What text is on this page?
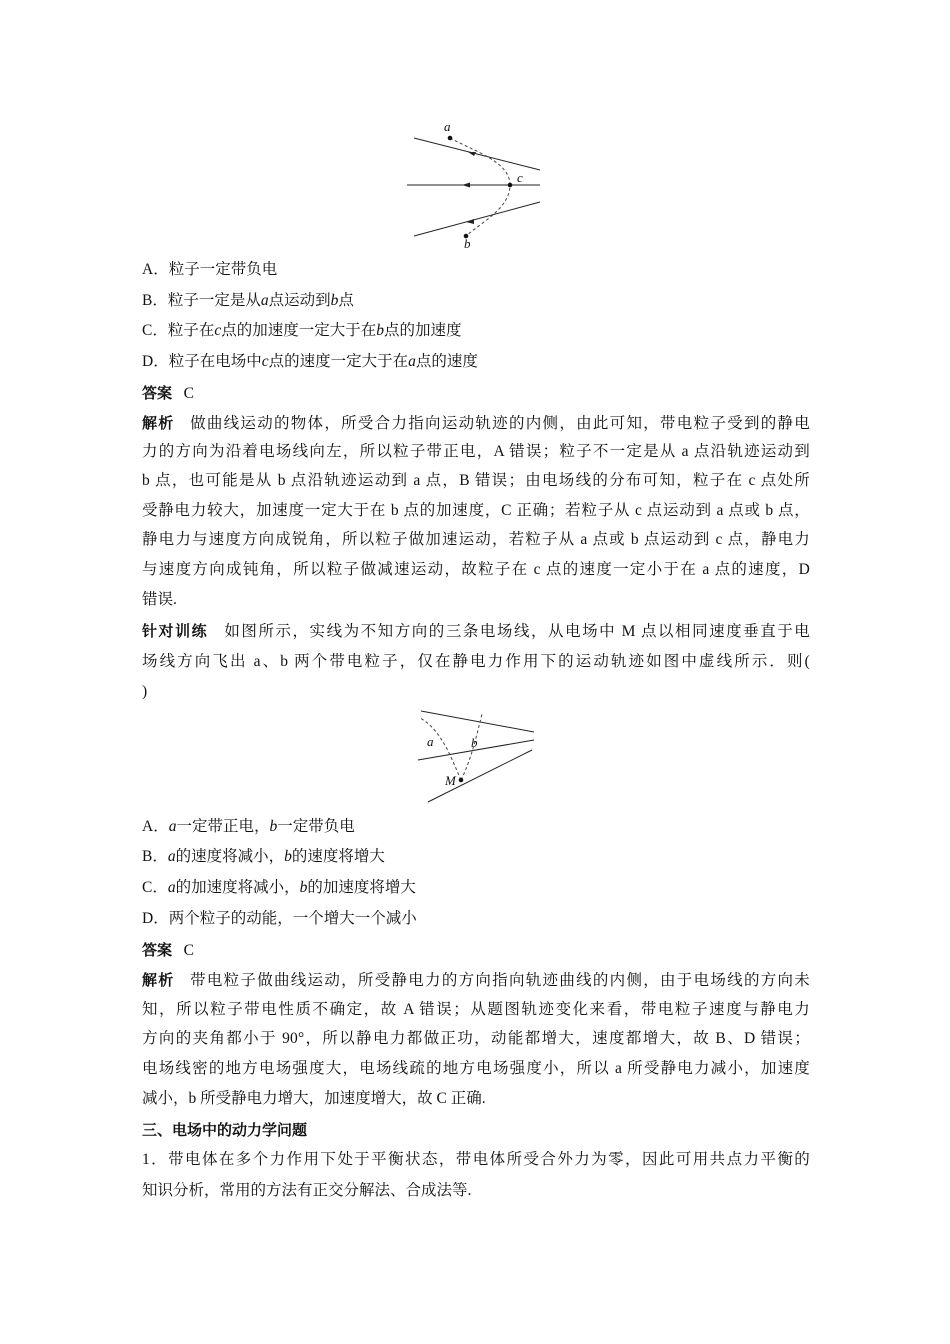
a
c
b
A．粒子一定带负电
B．粒子一定是从a点运动到b点
C．粒子在c点的加速度一定大于在b点的加速度
D．粒子在电场中c点的速度一定大于在a点的速度
答案 C
解析 做曲线运动的物体，所受合力指向运动轨迹的内侧，由此可知，带电粒子受到的静电
力的方向为沿着电场线向左，所以粒子带正电，A 错误；粒子不一定是从 a 点沿轨迹运动到
b 点，也可能是从 b 点沿轨迹运动到 a 点，B 错误；由电场线的分布可知，粒子在 c 点处所
受静电力较大，加速度一定大于在 b 点的加速度，C 正确；若粒子从 c 点运动到 a 点或 b 点，
静电力与速度方向成锐角，所以粒子做加速运动，若粒子从 a 点或 b 点运动到 c 点，静电力
与速度方向成钝角，所以粒子做减速运动，故粒子在 c 点的速度一定小于在 a 点的速度，D
错误.
针对训练 如图所示，实线为不知方向的三条电场线，从电场中 M 点以相同速度垂直于电
场线方向飞出 a、b 两个带电粒子，仅在静电力作用下的运动轨迹如图中虚线所示．则(
)
a	b
M
A．a一定带正电，b一定带负电
B．a的速度将减小，b的速度将增大
C．a的加速度将减小，b的加速度将增大
D．两个粒子的动能，一个增大一个减小
答案 C
解析 带电粒子做曲线运动，所受静电力的方向指向轨迹曲线的内侧，由于电场线的方向未
知，所以粒子带电性质不确定，故 A 错误；从题图轨迹变化来看，带电粒子速度与静电力
方向的夹角都小于 90°，所以静电力都做正功，动能都增大，速度都增大，故 B、D 错误；
电场线密的地方电场强度大，电场线疏的地方电场强度小，所以 a 所受静电力减小，加速度
减小，b 所受静电力增大，加速度增大，故 C 正确.
三、电场中的动力学问题
1．带电体在多个力作用下处于平衡状态，带电体所受合外力为零，因此可用共点力平衡的
知识分析，常用的方法有正交分解法、合成法等.
